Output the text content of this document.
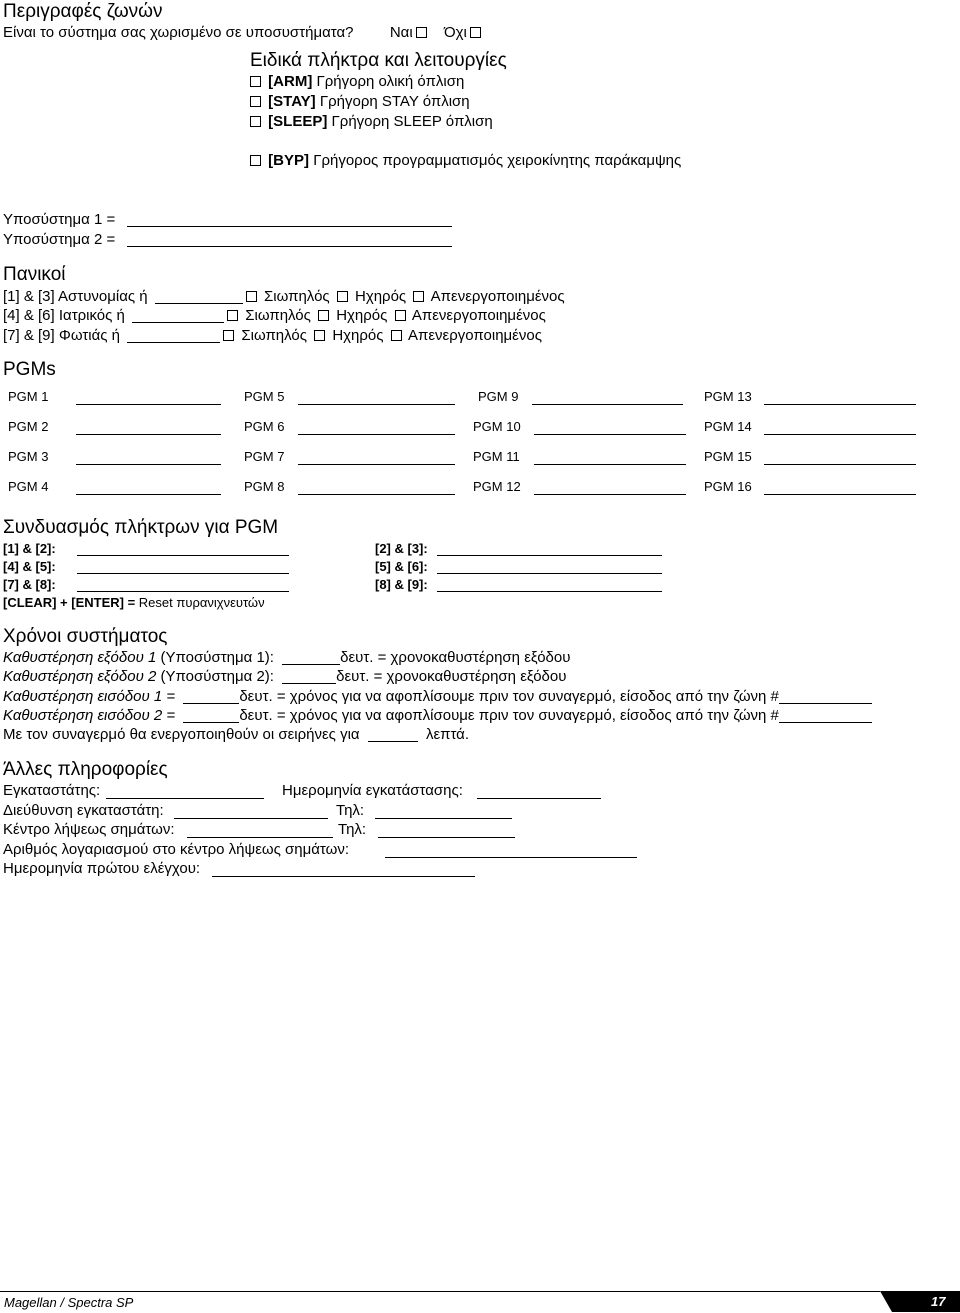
Περιγραφές ζωνών
Είναι το σύστημα σας χωρισμένο σε υποσυστήματα? Ναι Όχι
Ειδικά πλήκτρα και λειτουργίες
[ARM] Γρήγορη ολική όπλιση
[STAY] Γρήγορη STAY όπλιση
[SLEEP] Γρήγορη SLEEP όπλιση
[BYP] Γρήγορος προγραμματισμός χειροκίνητης παράκαμψης
Υποσύστημα 1 =
Υποσύστημα 2 =
Πανικοί
[1] & [3] Αστυνομίας ή	Σιωπηλός Ηχηρός Απενεργοποιημένος
[4] & [6] Ιατρικός ή	Σιωπηλός Ηχηρός Απενεργοποιημένος
[7] & [9] Φωτιάς ή	Σιωπηλός Ηχηρός Απενεργοποιημένος
PGMs
PGM 1	PGM 5	PGM 9	PGM 13
PGM 2	PGM 6	PGM 10	PGM 14
PGM 3	PGM 7	PGM 11	PGM 15
PGM 4	PGM 8	PGM 12	PGM 16
Συνδυασμός πλήκτρων για PGM
[1] & [2]:	[2] & [3]:
[4] & [5]:	[5] & [6]:
[7] & [8]:	[8] & [9]:
[CLEAR] + [ENTER] = Reset πυρανιχνευτών
Χρόνοι συστήματος
Καθυστέρηση εξόδου 1 (Υποσύστημα 1):	δευτ. = χρονοκαθυστέρηση εξόδου
Καθυστέρηση εξόδου 2 (Υποσύστημα 2):	δευτ. = χρονοκαθυστέρηση εξόδου
Καθυστέρηση εισόδου 1 =	δευτ. = χρόνος για να αφοπλίσουμε πριν τον συναγερμό, είσοδος από την ζώνη #
Καθυστέρηση εισόδου 2 =	δευτ. = χρόνος για να αφοπλίσουμε πριν τον συναγερμό, είσοδος από την ζώνη #
Με τον συναγερμό θα ενεργοποιηθούν οι σειρήνες για	λεπτά.
Άλλες πληροφορίες
Εγκαταστάτης:	Ημερομηνία εγκατάστασης:
Διεύθυνση εγκαταστάτη:	Τηλ:
Κέντρο λήψεως σημάτων:	Τηλ:
Αριθμός λογαριασμού στο κέντρο λήψεως σημάτων:
Ημερομηνία πρώτου ελέγχου:
Magellan / Spectra SP	17
